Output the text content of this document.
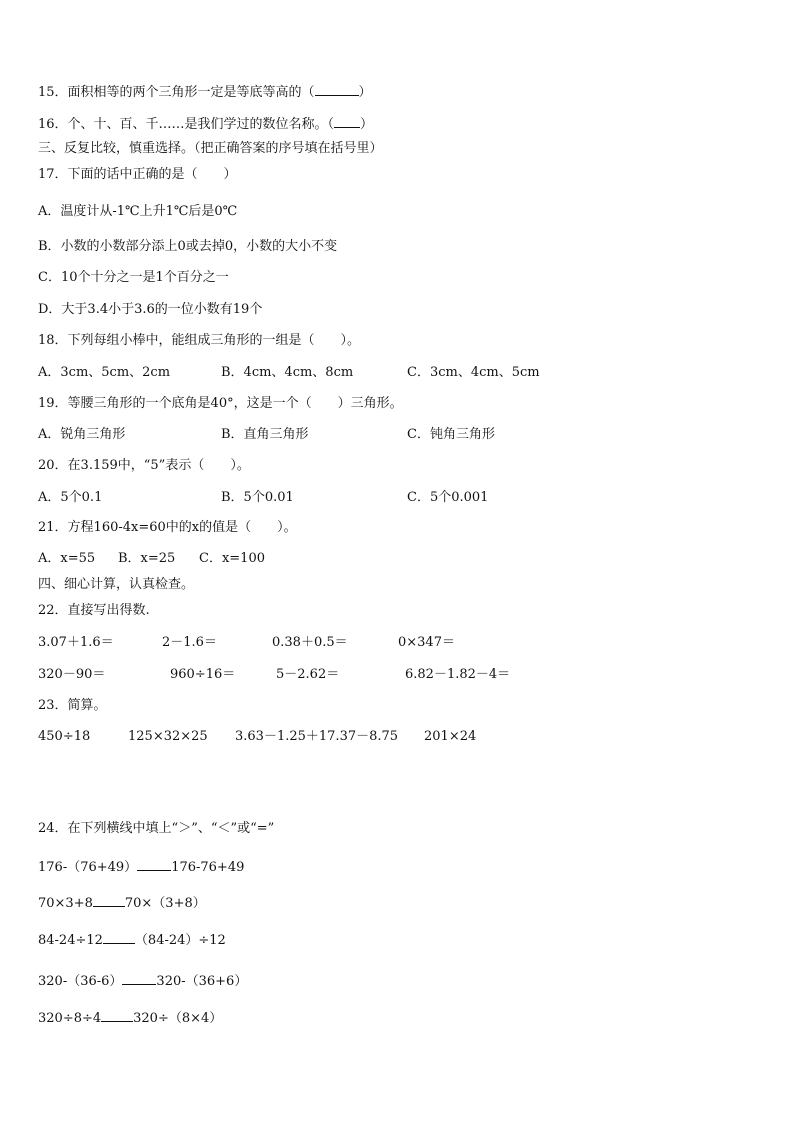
15．面积相等的两个三角形一定是等底等高的（	）
16．个、十、百、千……是我们学过的数位名称。（ ）
三、反复比较，慎重选择。（把正确答案的序号填在括号里）
17．下面的话中正确的是（　　）
A．温度计从-1℃上升1℃后是0℃
B．小数的小数部分添上0或去掉0，小数的大小不变
C．10个十分之一是1个百分之一
D．大于3.4小于3.6的一位小数有19个
18．下列每组小棒中，能组成三角形的一组是（　　）。
A．3cm、5cm、2cm	B．4cm、4cm、8cm	C．3cm、4cm、5cm
19．等腰三角形的一个底角是40°，这是一个（　　）三角形。
A．锐角三角形	B．直角三角形	C．钝角三角形
20．在3.159中，“5”表示（　　）。
A．5个0.1	B．5个0.01	C．5个0.001
21．方程160-4x=60中的x的值是（　　）。
A．x=55 B．x=25 C．x=100
四、细心计算，认真检查。
22．直接写出得数.
3.07＋1.6＝	2－1.6＝	0.38＋0.5＝	0×347＝
320－90＝	960÷16＝	5－2.62＝	6.82－1.82－4＝
23．简算。
450÷18	125×32×25 3.63－1.25＋17.37－8.75 201×24
24．在下列横线中填上“＞”、“＜”或“=”
176-（76+49）	176-76+49
70×3+8 70×（3+8）
84-24÷12 （84-24）÷12
320-（36-6）	320-（36+6）
320÷8÷4 320÷（8×4）
